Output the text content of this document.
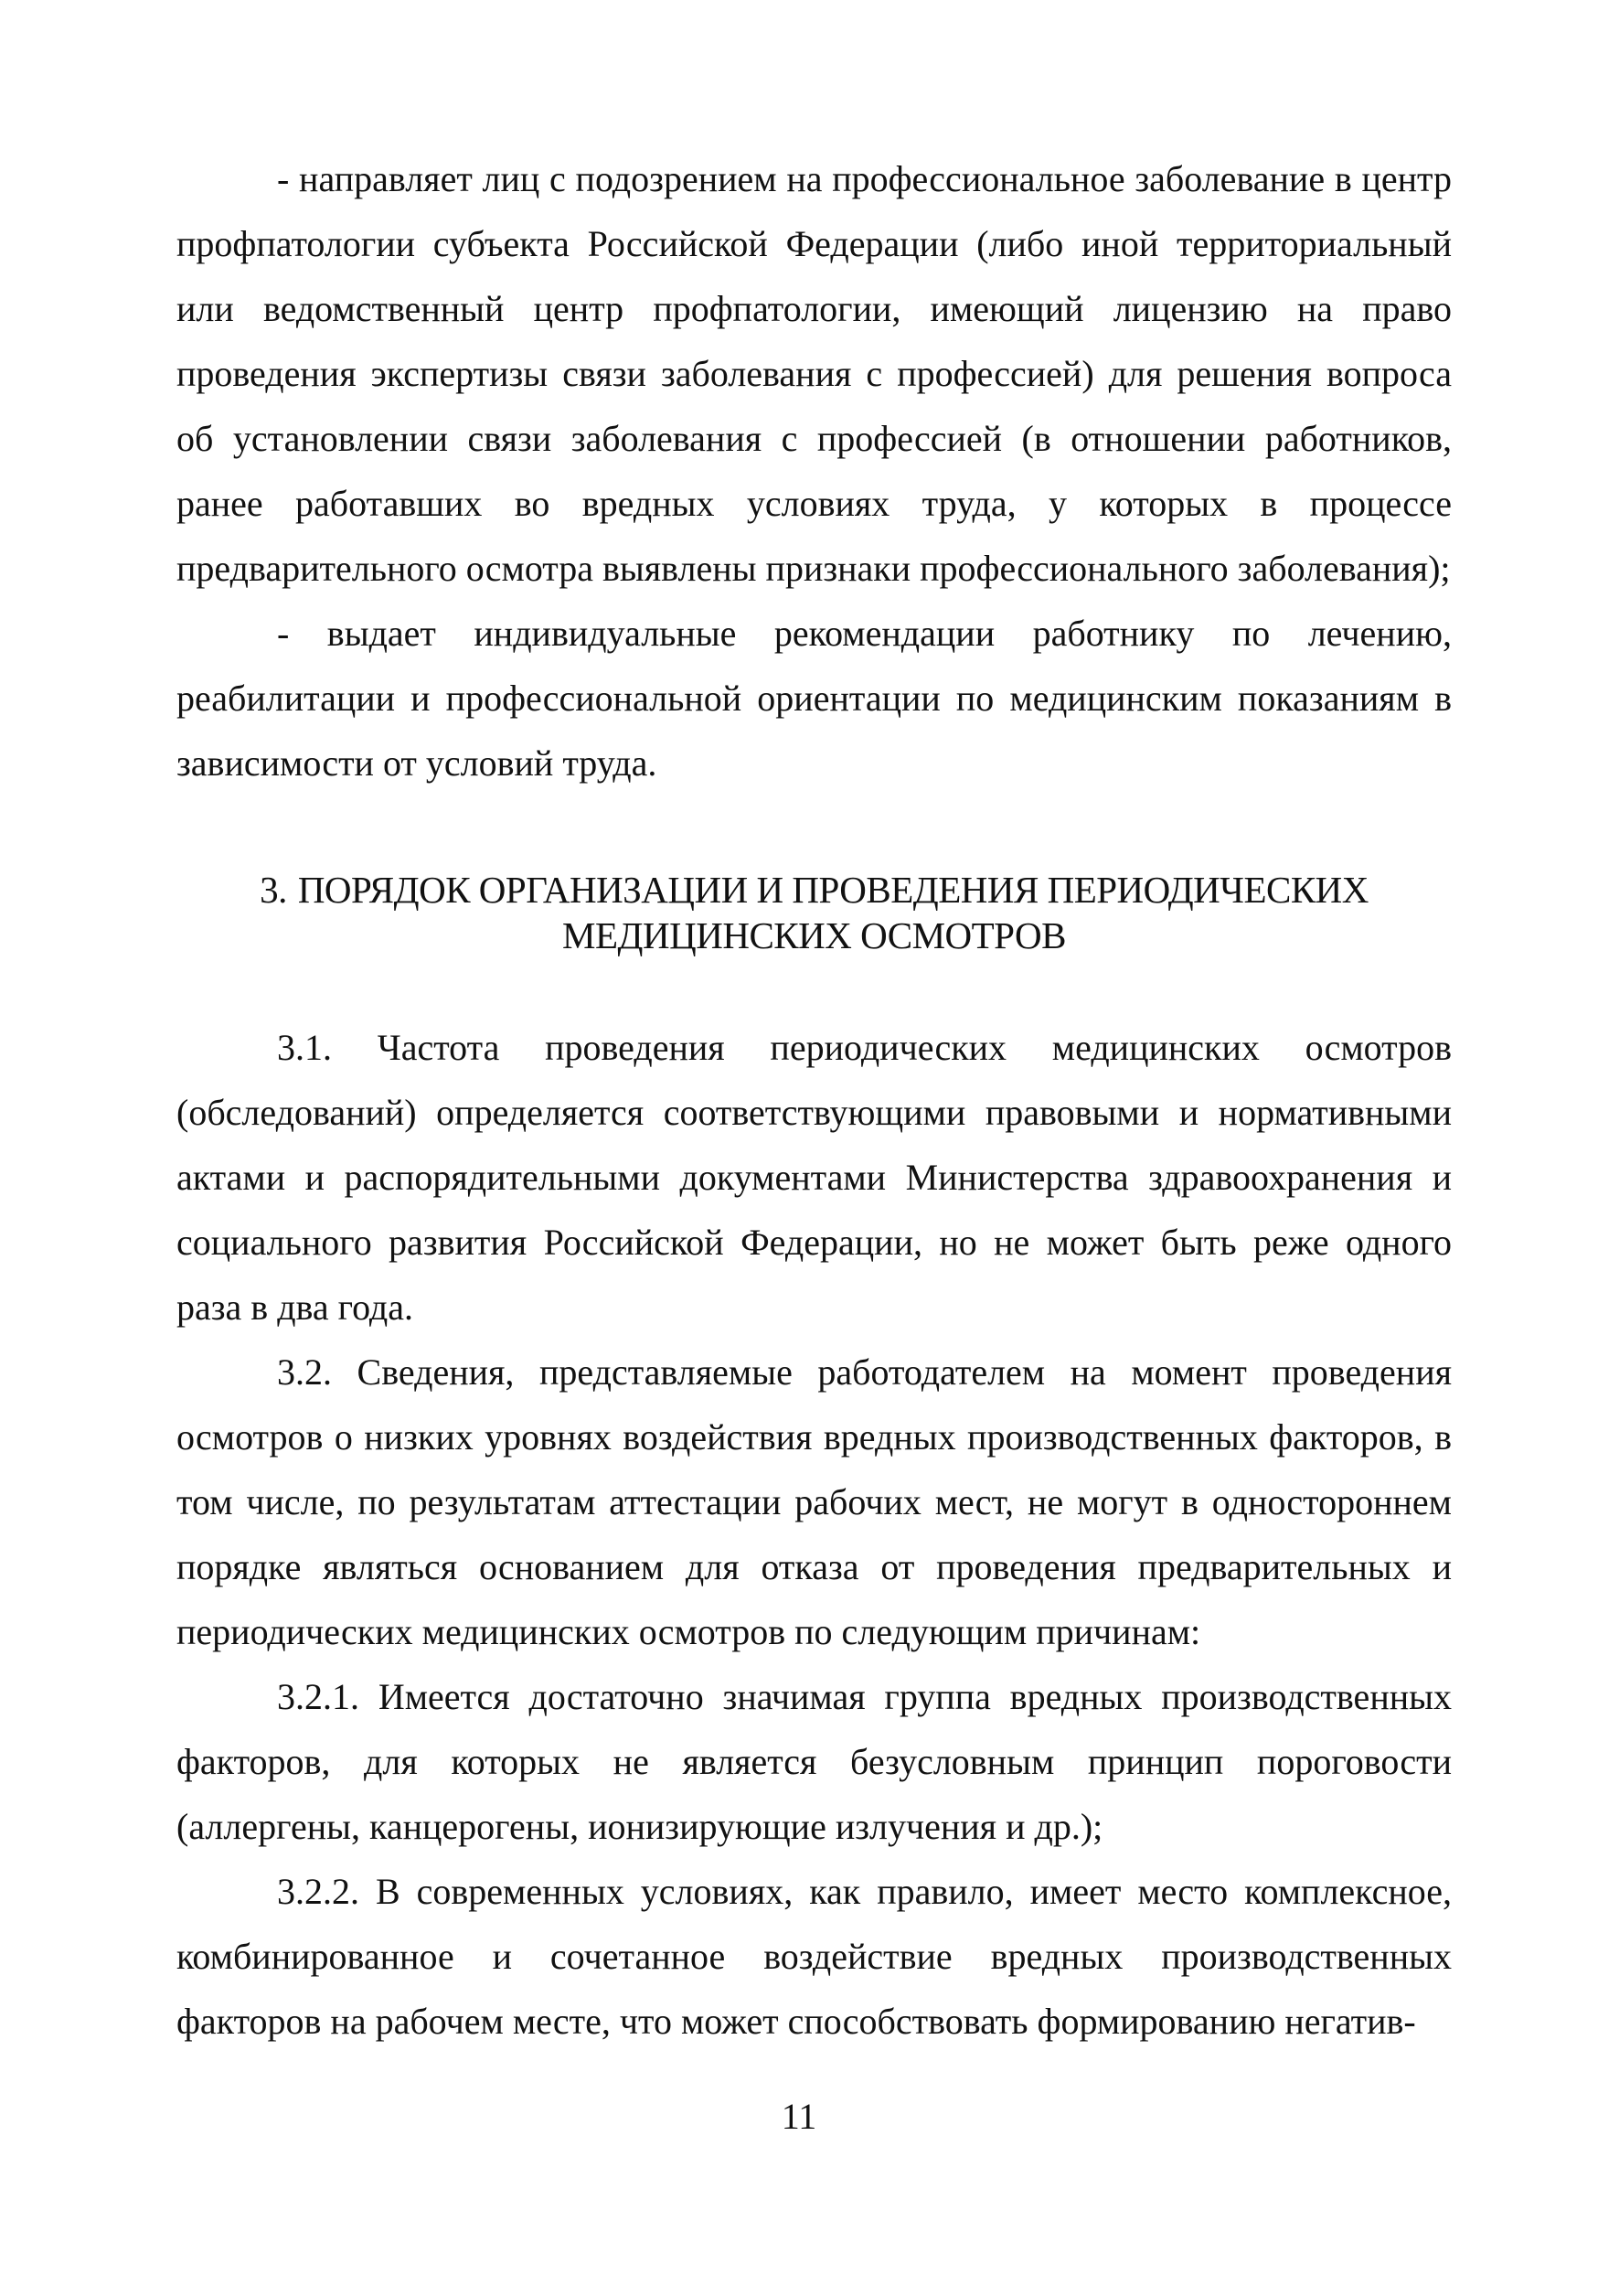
- направляет лиц с подозрением на профессиональное заболевание в центр профпатологии субъекта Российской Федерации (либо иной территориальный или ведомственный центр профпатологии, имеющий лицензию на право проведения экспертизы связи заболевания с профессией) для решения вопроса об установлении связи заболевания с профессией (в отношении работников, ранее работавших во вредных условиях труда, у которых в процессе предварительного осмотра выявлены признаки профессионального заболевания);

- выдает индивидуальные рекомендации работнику по лечению, реабилитации и профессиональной ориентации по медицинским показаниям в зависимости от условий труда.

3. ПОРЯДОК ОРГАНИЗАЦИИ И ПРОВЕДЕНИЯ ПЕРИОДИЧЕСКИХ
МЕДИЦИНСКИХ ОСМОТРОВ

3.1. Частота проведения периодических медицинских осмотров (обследований) определяется соответствующими правовыми и нормативными актами и распорядительными документами Министерства здравоохранения и социального развития Российской Федерации, но не может быть реже одного раза в два года.

3.2. Сведения, представляемые работодателем на момент проведения осмотров о низких уровнях воздействия вредных производственных факторов, в том числе, по результатам аттестации рабочих мест, не могут в одностороннем порядке являться основанием для отказа от проведения предварительных и периодических медицинских осмотров по следующим причинам:

3.2.1. Имеется достаточно значимая группа вредных производственных факторов, для которых не является безусловным принцип пороговости (аллергены, канцерогены, ионизирующие излучения и др.);

3.2.2. В современных условиях, как правило, имеет место комплексное, комбинированное и сочетанное воздействие вредных производственных факторов на рабочем месте, что может способствовать формированию негатив-

11
